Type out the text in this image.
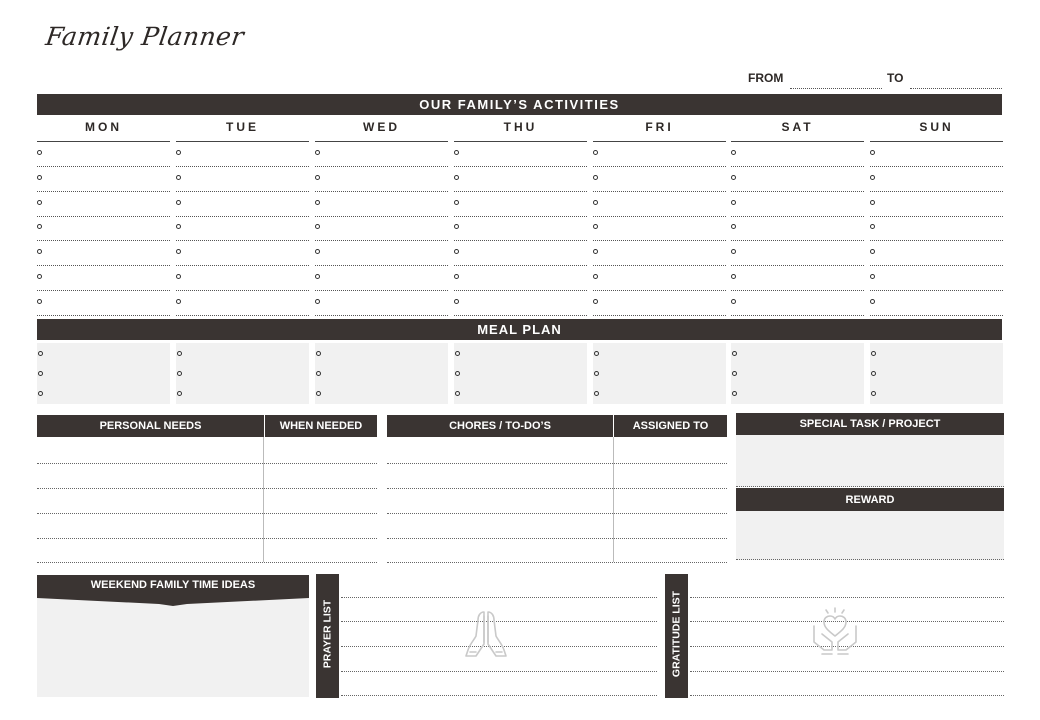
Family Planner
FROM	TO
OUR FAMILY’S ACTIVITIES
MON	TUE	WED	THU	FRI	SAT	SUN
MEAL PLAN
PERSONAL NEEDS	WHEN NEEDED	CHORES / TO-DO’S	ASSIGNED TO	SPECIAL TASK / PROJECT
REWARD
WEEKEND FAMILY TIME IDEAS
PRAYER LIST	GRATITUDE LIST
